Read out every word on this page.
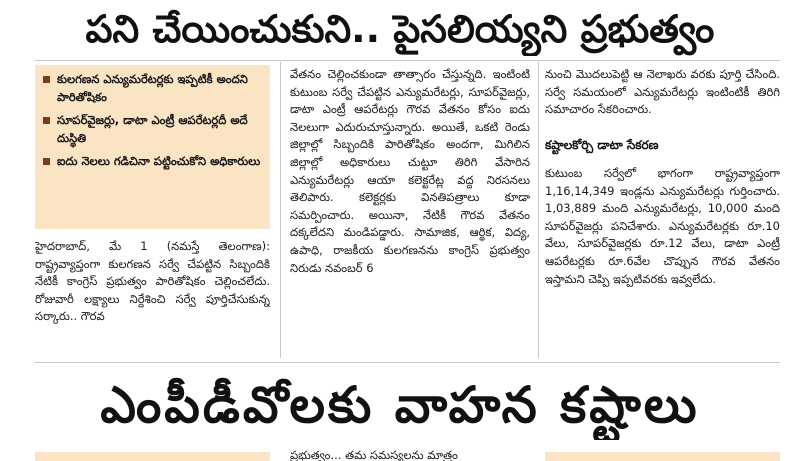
పని చేయించుకుని.. పైసలియ్యని ప్రభుత్వం
కులగణన ఎన్యుమరేటర్లకు ఇప్పటికీ అందని పారితోషికం
సూపర్‌వైజర్లు, డాటా ఎంట్రీ ఆపరేటర్లదీ అదే దుస్థితి
ఐదు నెలలు గడిచినా పట్టించుకోని అధికారులు

హైదరాబాద్, మే 1 (నమస్తే తెలంగాణ): రాష్ట్రవ్యాప్తంగా కులగణన సర్వే చేపట్టిన సిబ్బందికి నేటికీ కాంగ్రెస్ ప్రభుత్వం పారితోషికం చెల్లించలేదు. రోజువారీ లక్ష్యాలు నిర్దేశించి సర్వే పూర్తిచేసుకున్న సర్కారు.. గౌరవ

వేతనం చెల్లించకుండా తాత్సారం చేస్తున్నది. ఇంటింటి కుటుంబ సర్వే చేపట్టిన ఎన్యుమరేటర్లు, సూపర్‌వైజర్లు, డాటా ఎంట్రీ ఆపరేటర్లు గౌరవ వేతనం కోసం ఐదు నెలలుగా ఎదురుచూస్తున్నారు. అయితే, ఒకటి రెండు జిల్లాల్లో సిబ్బందికి పారితోషికం అందగా, మిగిలిన జిల్లాల్లో అధికారులు చుట్టూ తిరిగి వేసారిన ఎన్యుమరేటర్లు ఆయా కలెక్టరేట్ల వద్ద నిరసనలు తెలిపారు. కలెక్టర్లకు వినతిపత్రాలు కూడా సమర్పించారు. అయినా, నేటికీ గౌరవ వేతనం దక్కలేదని మండిపడ్డారు. సామాజిక, ఆర్థిక, విద్య, ఉపాధి, రాజకీయ కులగణనను కాంగ్రెస్ ప్రభుత్వం నిరుడు నవంబర్ 6

నుంచి మొదలుపెట్టి ఆ నెలాఖరు వరకు పూర్తి చేసింది. సర్వే సమయంలో ఎన్యుమరేటర్లు ఇంటింటికీ తిరిగి సమాచారం సేకరించారు.

కష్టాలకోర్చి డాటా సేకరణ

కుటుంబ సర్వేలో భాగంగా రాష్ట్రవ్యాప్తంగా 1,16,14,349 ఇండ్లను ఎన్యుమరేటర్లు గుర్తించారు. 1,03,889 మంది ఎన్యుమరేటర్లు, 10,000 మంది సూపర్‌వైజర్లు పనిచేశారు. ఎన్యుమరేటర్లకు రూ.10 వేలు, సూపర్‌వైజర్లకు రూ.12 వేలు, డాటా ఎంట్రీ ఆపరేటర్లకు రూ.6వేల చొప్పున గౌరవ వేతనం ఇస్తామని చెప్పి ఇప్పటివరకు ఇవ్వలేదు.

ఎంపీడీవోలకు వాహన కష్టాలు
ప్రభుత్వం... తమ సమస్యలను మాత్రం
